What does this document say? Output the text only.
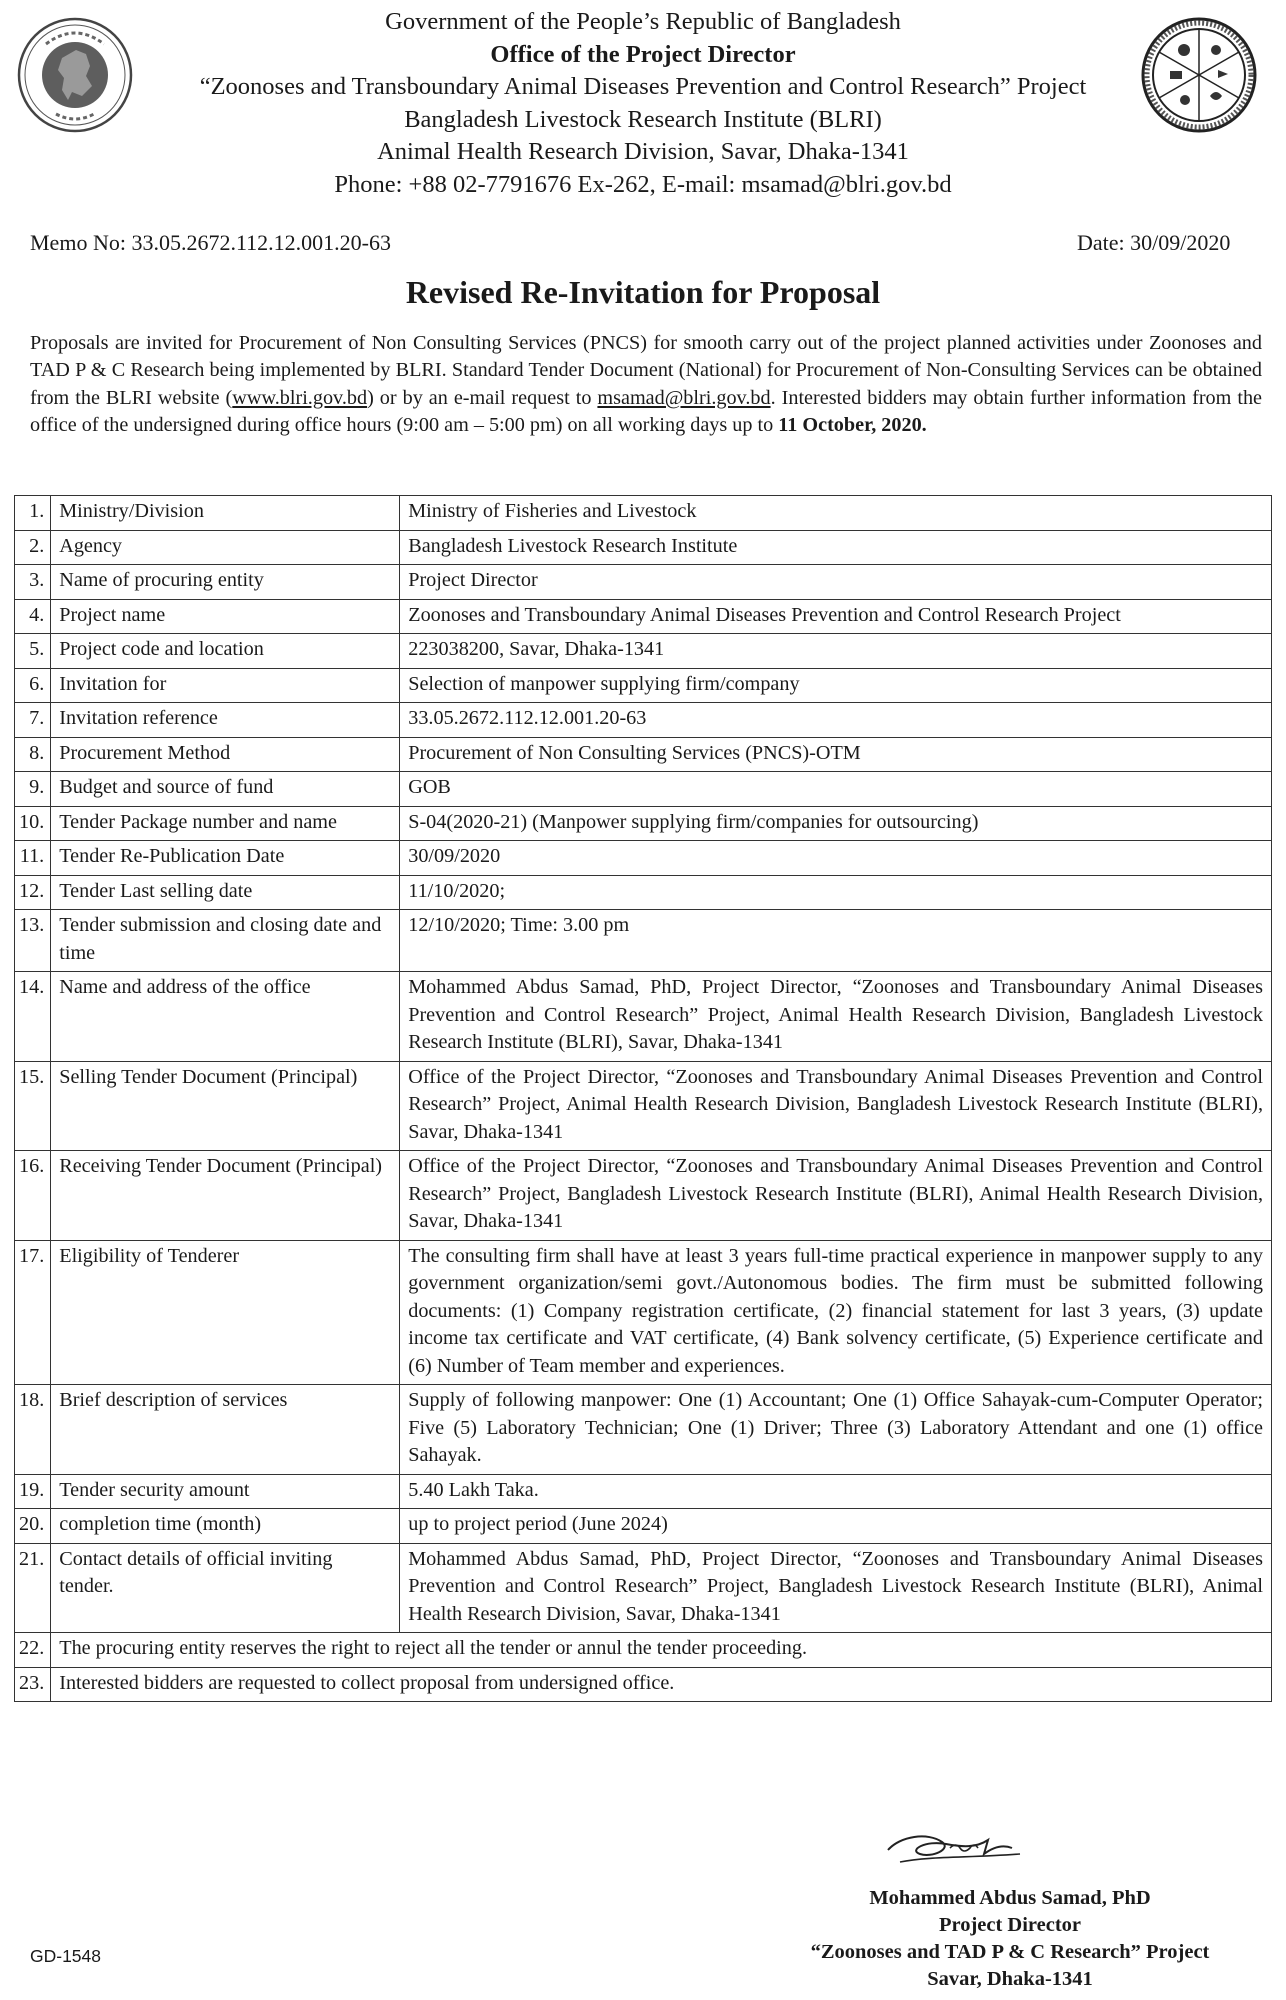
Government of the People’s Republic of Bangladesh
Office of the Project Director
“Zoonoses and Transboundary Animal Diseases Prevention and Control Research” Project
Bangladesh Livestock Research Institute (BLRI)
Animal Health Research Division, Savar, Dhaka-1341
Phone: +88 02-7791676 Ex-262, E-mail: msamad@blri.gov.bd
Memo No: 33.05.2672.112.12.001.20-63	Date: 30/09/2020
Revised Re-Invitation for Proposal
Proposals are invited for Procurement of Non Consulting Services (PNCS) for smooth carry out of the project planned activities under Zoonoses and TAD P & C Research being implemented by BLRI. Standard Tender Document (National) for Procurement of Non-Consulting Services can be obtained from the BLRI website (www.blri.gov.bd) or by an e-mail request to msamad@blri.gov.bd. Interested bidders may obtain further information from the office of the undersigned during office hours (9:00 am – 5:00 pm) on all working days up to 11 October, 2020.
1.	Ministry/Division	Ministry of Fisheries and Livestock
2.	Agency	Bangladesh Livestock Research Institute
3.	Name of procuring entity	Project Director
4.	Project name	Zoonoses and Transboundary Animal Diseases Prevention and Control Research Project
5.	Project code and location	223038200, Savar, Dhaka-1341
6.	Invitation for	Selection of manpower supplying firm/company
7.	Invitation reference	33.05.2672.112.12.001.20-63
8.	Procurement Method	Procurement of Non Consulting Services (PNCS)-OTM
9.	Budget and source of fund	GOB
10.	Tender Package number and name	S-04(2020-21) (Manpower supplying firm/companies for outsourcing)
11.	Tender Re-Publication Date	30/09/2020
12.	Tender Last selling date	11/10/2020;
13.	Tender submission and closing date and time	12/10/2020; Time: 3.00 pm
14.	Name and address of the office	Mohammed Abdus Samad, PhD, Project Director, “Zoonoses and Transboundary Animal Diseases Prevention and Control Research” Project, Animal Health Research Division, Bangladesh Livestock Research Institute (BLRI), Savar, Dhaka-1341
15.	Selling Tender Document (Principal)	Office of the Project Director, “Zoonoses and Transboundary Animal Diseases Prevention and Control Research” Project, Animal Health Research Division, Bangladesh Livestock Research Institute (BLRI), Savar, Dhaka-1341
16.	Receiving Tender Document (Principal)	Office of the Project Director, “Zoonoses and Transboundary Animal Diseases Prevention and Control Research” Project, Bangladesh Livestock Research Institute (BLRI), Animal Health Research Division, Savar, Dhaka-1341
17.	Eligibility of Tenderer	The consulting firm shall have at least 3 years full-time practical experience in manpower supply to any government organization/semi govt./Autonomous bodies. The firm must be submitted following documents: (1) Company registration certificate, (2) financial statement for last 3 years, (3) update income tax certificate and VAT certificate, (4) Bank solvency certificate, (5) Experience certificate and (6) Number of Team member and experiences.
18.	Brief description of services	Supply of following manpower: One (1) Accountant; One (1) Office Sahayak-cum-Computer Operator; Five (5) Laboratory Technician; One (1) Driver; Three (3) Laboratory Attendant and one (1) office Sahayak.
19.	Tender security amount	5.40 Lakh Taka.
20.	completion time (month)	up to project period (June 2024)
21.	Contact details of official inviting tender.	Mohammed Abdus Samad, PhD, Project Director, “Zoonoses and Transboundary Animal Diseases Prevention and Control Research” Project, Bangladesh Livestock Research Institute (BLRI), Animal Health Research Division, Savar, Dhaka-1341
22.	The procuring entity reserves the right to reject all the tender or annul the tender proceeding.	
23.	Interested bidders are requested to collect proposal from undersigned office.	
Mohammed Abdus Samad, PhD
Project Director
“Zoonoses and TAD P & C Research” Project
Savar, Dhaka-1341
GD-1548
